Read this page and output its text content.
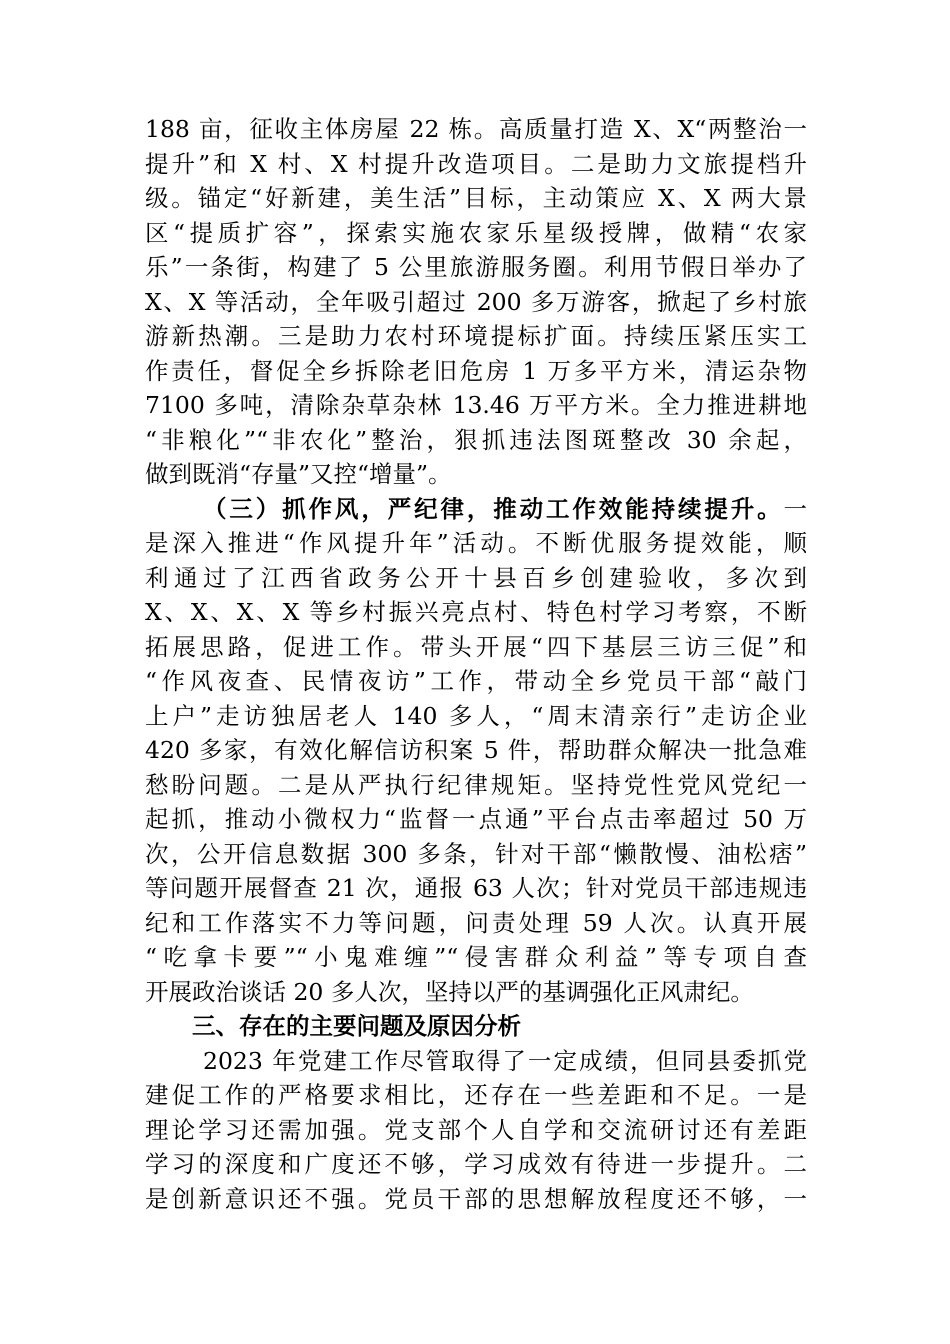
188 亩，征收主体房屋 22 栋。高质量打造 X、X“两整治一
提升”和 X 村、X 村提升改造项目。二是助力文旅提档升
级。锚定“好新建，美生活”目标，主动策应 X、X 两大景
区“提质扩容”，探索实施农家乐星级授牌，做精“农家
乐”一条街，构建了 5 公里旅游服务圈。利用节假日举办了
X、X 等活动，全年吸引超过 200 多万游客，掀起了乡村旅
游新热潮。三是助力农村环境提标扩面。持续压紧压实工
作责任，督促全乡拆除老旧危房 1 万多平方米，清运杂物
7100 多吨，清除杂草杂林 13.46 万平方米。全力推进耕地
“非粮化”“非农化”整治，狠抓违法图斑整改 30 余起，
做到既消“存量”又控“增量”。
（三）抓作风，严纪律，推动工作效能持续提升。一
是深入推进“作风提升年”活动。不断优服务提效能，顺
利通过了江西省政务公开十县百乡创建验收，多次到
X、X、X、X 等乡村振兴亮点村、特色村学习考察，不断
拓展思路，促进工作。带头开展“四下基层三访三促”和
“作风夜查、民情夜访”工作，带动全乡党员干部“敲门
上户”走访独居老人 140 多人，“周末清亲行”走访企业
420 多家，有效化解信访积案 5 件，帮助群众解决一批急难
愁盼问题。二是从严执行纪律规矩。坚持党性党风党纪一
起抓，推动小微权力“监督一点通”平台点击率超过 50 万
次，公开信息数据 300 多条，针对干部“懒散慢、油松痞”
等问题开展督查 21 次，通报 63 人次；针对党员干部违规违
纪和工作落实不力等问题，问责处理 59 人次。认真开展
“吃拿卡要”“小鬼难缠”“侵害群众利益”等专项自查
开展政治谈话 20 多人次，坚持以严的基调强化正风肃纪。
三、存在的主要问题及原因分析
2023 年党建工作尽管取得了一定成绩，但同县委抓党
建促工作的严格要求相比，还存在一些差距和不足。一是
理论学习还需加强。党支部个人自学和交流研讨还有差距
学习的深度和广度还不够，学习成效有待进一步提升。二
是创新意识还不强。党员干部的思想解放程度还不够，一
